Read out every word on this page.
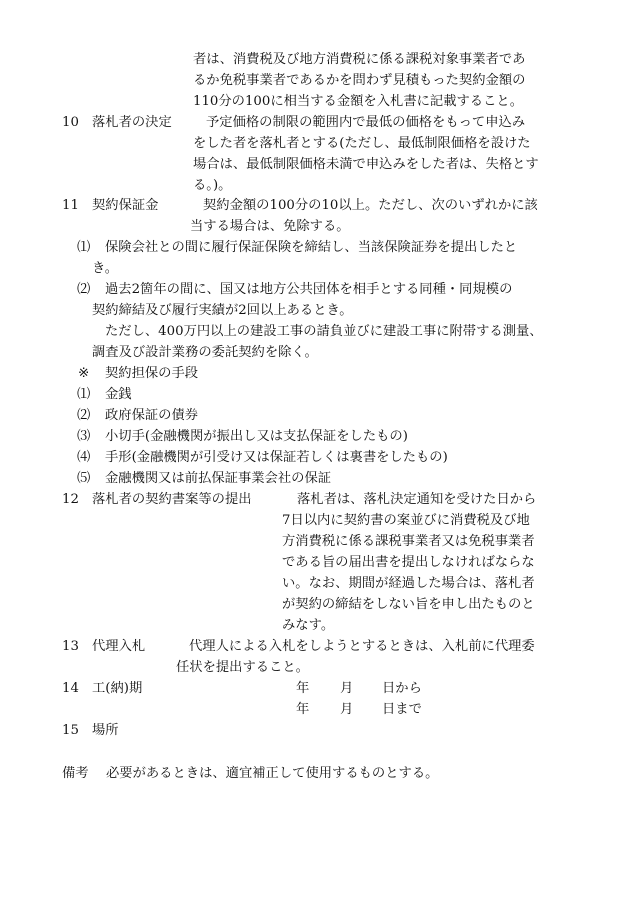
者は、消費税及び地方消費税に係る課税対象事業者であ
るか免税事業者であるかを問わず見積もった契約金額の
110分の100に相当する金額を入札書に記載すること。
10 落札者の決定	予定価格の制限の範囲内で最低の価格をもって申込み
をした者を落札者とする(ただし、最低制限価格を設けた
場合は、最低制限価格未満で申込みをした者は、失格とす
る。)。
11 契約保証金	契約金額の100分の10以上。ただし、次のいずれかに該
当する場合は、免除する。
⑴ 保険会社との間に履行保証保険を締結し、当該保険証券を提出したと
き。
⑵ 過去2箇年の間に、国又は地方公共団体を相手とする同種・同規模の
契約締結及び履行実績が2回以上あるとき。
ただし、400万円以上の建設工事の請負並びに建設工事に附帯する測量、
調査及び設計業務の委託契約を除く。
※ 契約担保の手段
⑴ 金銭
⑵ 政府保証の債券
⑶ 小切手(金融機関が振出し又は支払保証をしたもの)
⑷ 手形(金融機関が引受け又は保証若しくは裏書をしたもの)
⑸ 金融機関又は前払保証事業会社の保証
12 落札者の契約書案等の提出	落札者は、落札決定通知を受けた日から
7日以内に契約書の案並びに消費税及び地
方消費税に係る課税事業者又は免税事業者
である旨の届出書を提出しなければならな
い。なお、期間が経過した場合は、落札者
が契約の締結をしない旨を申し出たものと
みなす。
13 代理入札	代理人による入札をしようとするときは、入札前に代理委
任状を提出すること。
14 工(納)期	年 月 日から
年 月 日まで
15 場所
備考 必要があるときは、適宜補正して使用するものとする。
